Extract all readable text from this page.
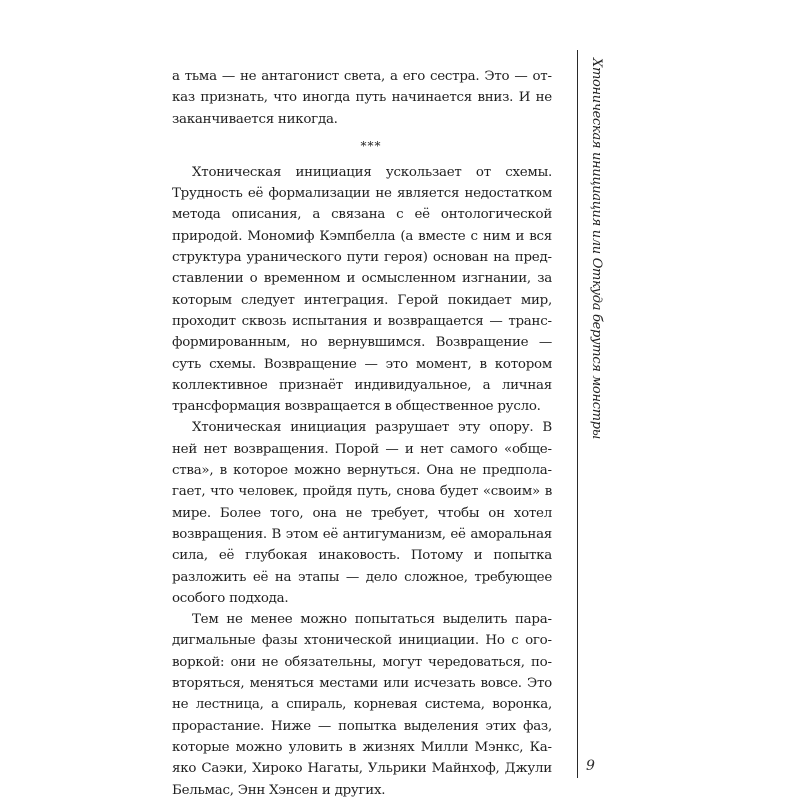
а тьма — не антагонист света, а его сестра. Это — отказ признать, что иногда путь начинается вниз. И не заканчивается никогда.

***

Хтоническая инициация ускользает от схемы. Трудность её формализации не является недостатком метода описания, а связана с её онтологической природой. Мономиф Кэмпбелла (а вместе с ним и вся структура уранического пути героя) основан на представлении о временном и осмысленном изгнании, за которым следует интеграция. Герой покидает мир, проходит сквозь испытания и возвращается — трансформированным, но вернувшимся. Возвращение — суть схемы. Возвращение — это момент, в котором коллективное признаёт индивидуальное, а личная трансформация возвращается в общественное русло.

Хтоническая инициация разрушает эту опору. В ней нет возвращения. Порой — и нет самого «общества», в которое можно вернуться. Она не предполагает, что человек, пройдя путь, снова будет «своим» в мире. Более того, она не требует, чтобы он хотел возвращения. В этом её антигуманизм, её аморальная сила, её глубокая инаковость. Потому и попытка разложить её на этапы — дело сложное, требующее особого подхода.

Тем не менее можно попытаться выделить парадигмальные фазы хтонической инициации. Но с оговоркой: они не обязательны, могут чередоваться, повторяться, меняться местами или исчезать вовсе. Это не лестница, а спираль, корневая система, воронка, прорастание. Ниже — попытка выделения этих фаз, которые можно уловить в жизнях Милли Мэнкс, Каяко Саэки, Хироко Нагаты, Ульрики Майнхоф, Джули Бельмас, Энн Хэнсен и других.

Хтоническая инициация или Откуда берутся монстры
9
